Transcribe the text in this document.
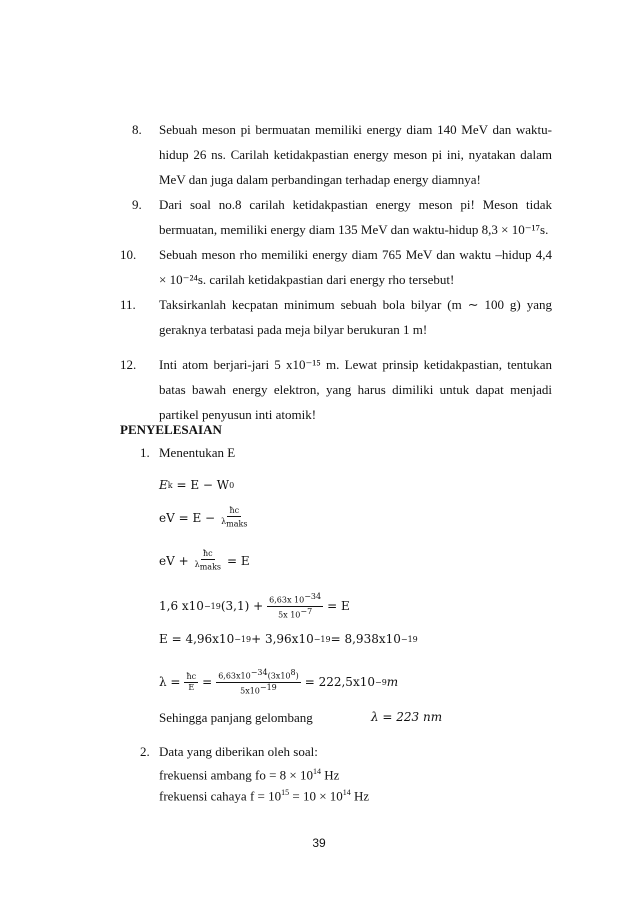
8. Sebuah meson pi bermuatan memiliki energy diam 140 MeV dan waktu-
hidup 26 ns. Carilah ketidakpastian energy meson pi ini, nyatakan dalam
MeV dan juga dalam perbandingan terhadap energy diamnya!
9. Dari soal no.8 carilah ketidakpastian energy meson pi! Meson tidak
bermuatan, memiliki energy diam 135 MeV dan waktu-hidup 8,3 × 10⁻¹⁷s.
10. Sebuah meson rho memiliki energy diam 765 MeV dan waktu –hidup 4,4
× 10⁻²⁴s. carilah ketidakpastian dari energy rho tersebut!
11. Taksirkanlah kecpatan minimum sebuah bola bilyar (m ∼ 100 g) yang
geraknya terbatasi pada meja bilyar berukuran 1 m!
12. Inti atom berjari-jari 5 x10⁻¹⁵ m. Lewat prinsip ketidakpastian, tentukan
batas bawah energy elektron, yang harus dimiliki untuk dapat menjadi
partikel penyusun inti atomik!
PENYELESAIAN
1. Menentukan E
E k
= E − W 0
eV = $E - \frac{ħc}{\lambda_{maks}}$
eV + $\frac{ħc}{\lambda_{maks}} = E$
1,6 x10 −19 $(3,1) + \frac{6,63x 10^{-34}}{5x 10^{-7}} = E$
E = 4,96x10 −19 + 3,96x10 −19 = 8,938x10 −19
$\lambda = \frac{ħc}{E} = \frac{6,63x10^{-34}(3x10^8)}{5x10^{-19}} = 222,5x10 -9$ m
Sehingga panjang gelombang	λ = 223 nm
2. Data yang diberikan oleh soal:
frekuensi ambang fo = $8 \times 10^{14}$ Hz
frekuensi cahaya $f = 10^{15} = 10 \times 10^{14}$ Hz
39
